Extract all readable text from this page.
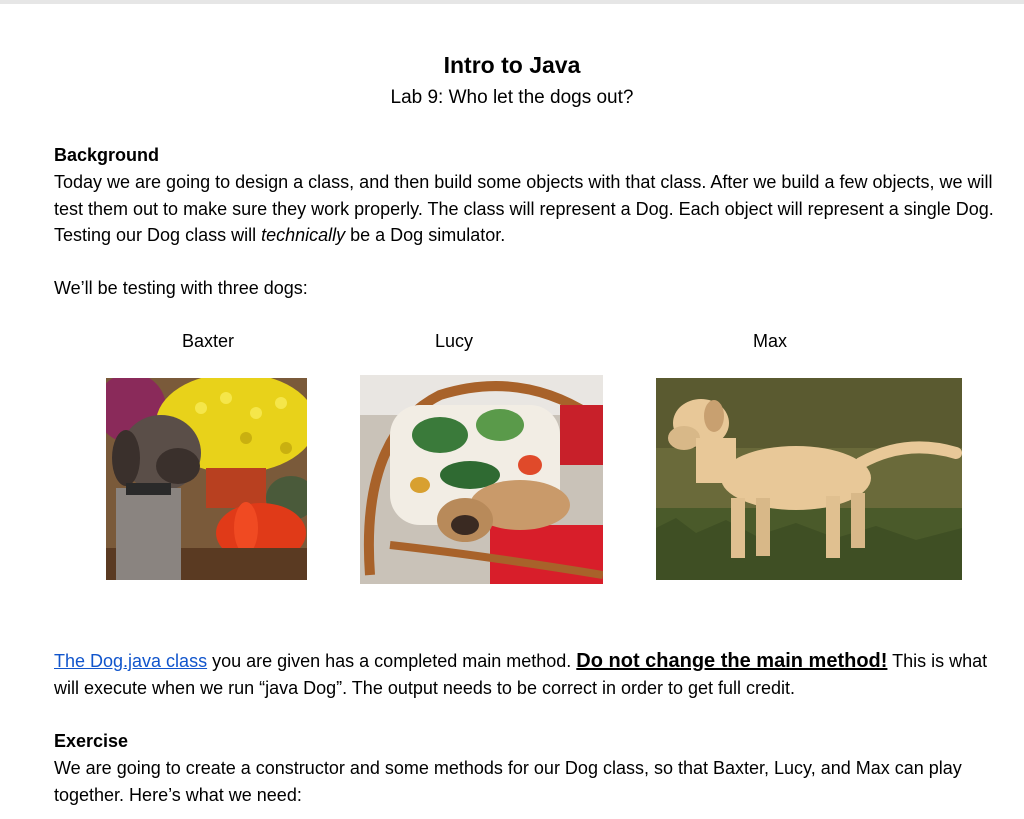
Intro to Java
Lab 9: Who let the dogs out?
Background
Today we are going to design a class, and then build some objects with that class. After we build a few objects, we will test them out to make sure they work properly. The class will represent a Dog. Each object will represent a single Dog. Testing our Dog class will technically be a Dog simulator.
We’ll be testing with three dogs:
Baxter	Lucy	Max
The Dog.java class you are given has a completed main method. Do not change the main method! This is what will execute when we run “java Dog”. The output needs to be correct in order to get full credit.
Exercise
We are going to create a constructor and some methods for our Dog class, so that Baxter, Lucy, and Max can play together. Here’s what we need:
